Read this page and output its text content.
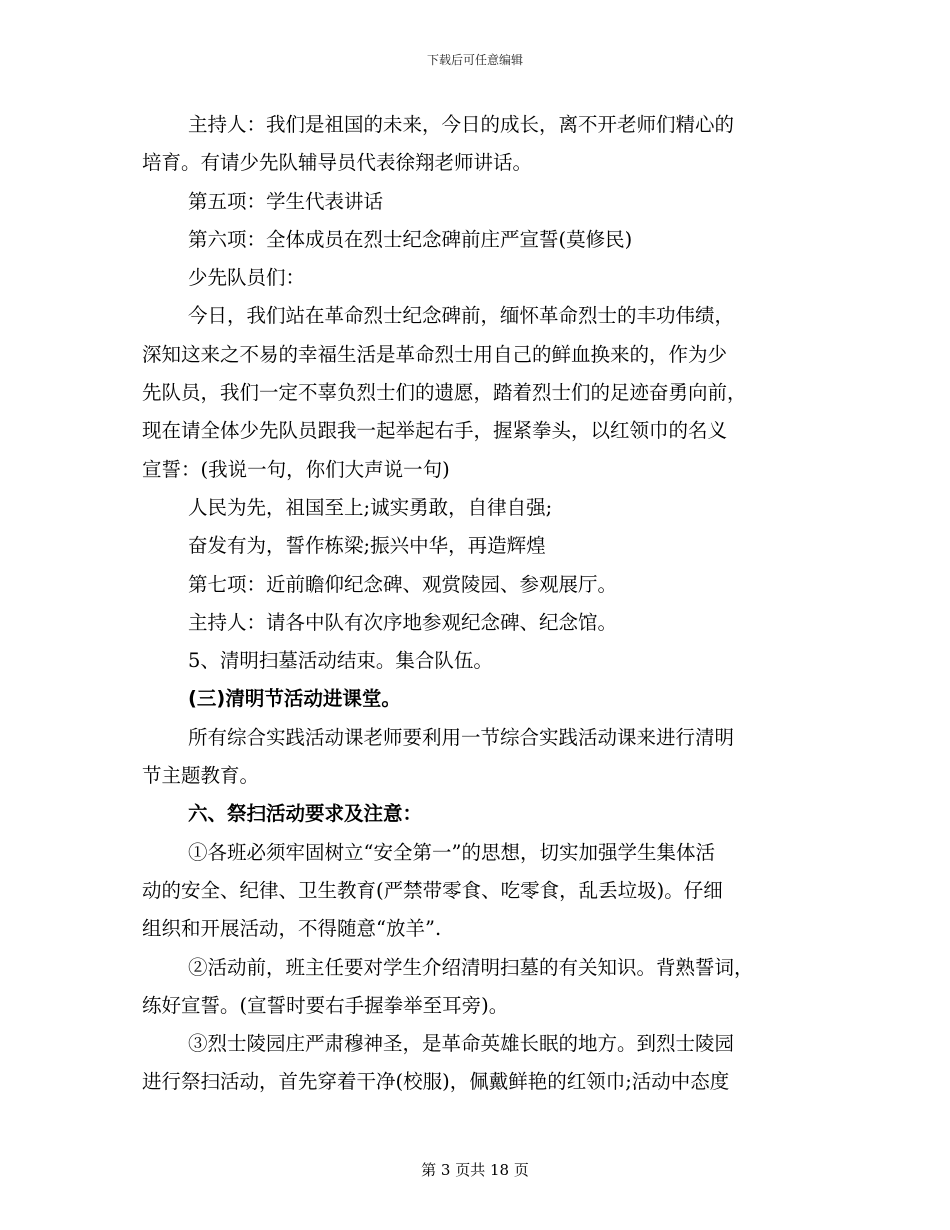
下载后可任意编辑
主持人：我们是祖国的未来，今日的成长，离不开老师们精心的
培育。有请少先队辅导员代表徐翔老师讲话。
第五项：学生代表讲话
第六项：全体成员在烈士纪念碑前庄严宣誓(莫修民)
少先队员们：
今日，我们站在革命烈士纪念碑前，缅怀革命烈士的丰功伟绩，
深知这来之不易的幸福生活是革命烈士用自己的鲜血换来的，作为少
先队员，我们一定不辜负烈士们的遗愿，踏着烈士们的足迹奋勇向前，
现在请全体少先队员跟我一起举起右手，握紧拳头，以红领巾的名义
宣誓：(我说一句，你们大声说一句)
人民为先，祖国至上;诚实勇敢，自律自强;
奋发有为，誓作栋梁;振兴中华，再造辉煌
第七项：近前瞻仰纪念碑、观赏陵园、参观展厅。
主持人：请各中队有次序地参观纪念碑、纪念馆。
5、清明扫墓活动结束。集合队伍。
(三)清明节活动进课堂。
所有综合实践活动课老师要利用一节综合实践活动课来进行清明
节主题教育。
六、祭扫活动要求及注意：
①各班必须牢固树立“安全第一”的思想，切实加强学生集体活
动的安全、纪律、卫生教育(严禁带零食、吃零食，乱丢垃圾)。仔细
组织和开展活动，不得随意“放羊”.
②活动前，班主任要对学生介绍清明扫墓的有关知识。背熟誓词，
练好宣誓。(宣誓时要右手握拳举至耳旁)。
③烈士陵园庄严肃穆神圣，是革命英雄长眠的地方。到烈士陵园
进行祭扫活动，首先穿着干净(校服)，佩戴鲜艳的红领巾;活动中态度
第 3 页共 18 页
